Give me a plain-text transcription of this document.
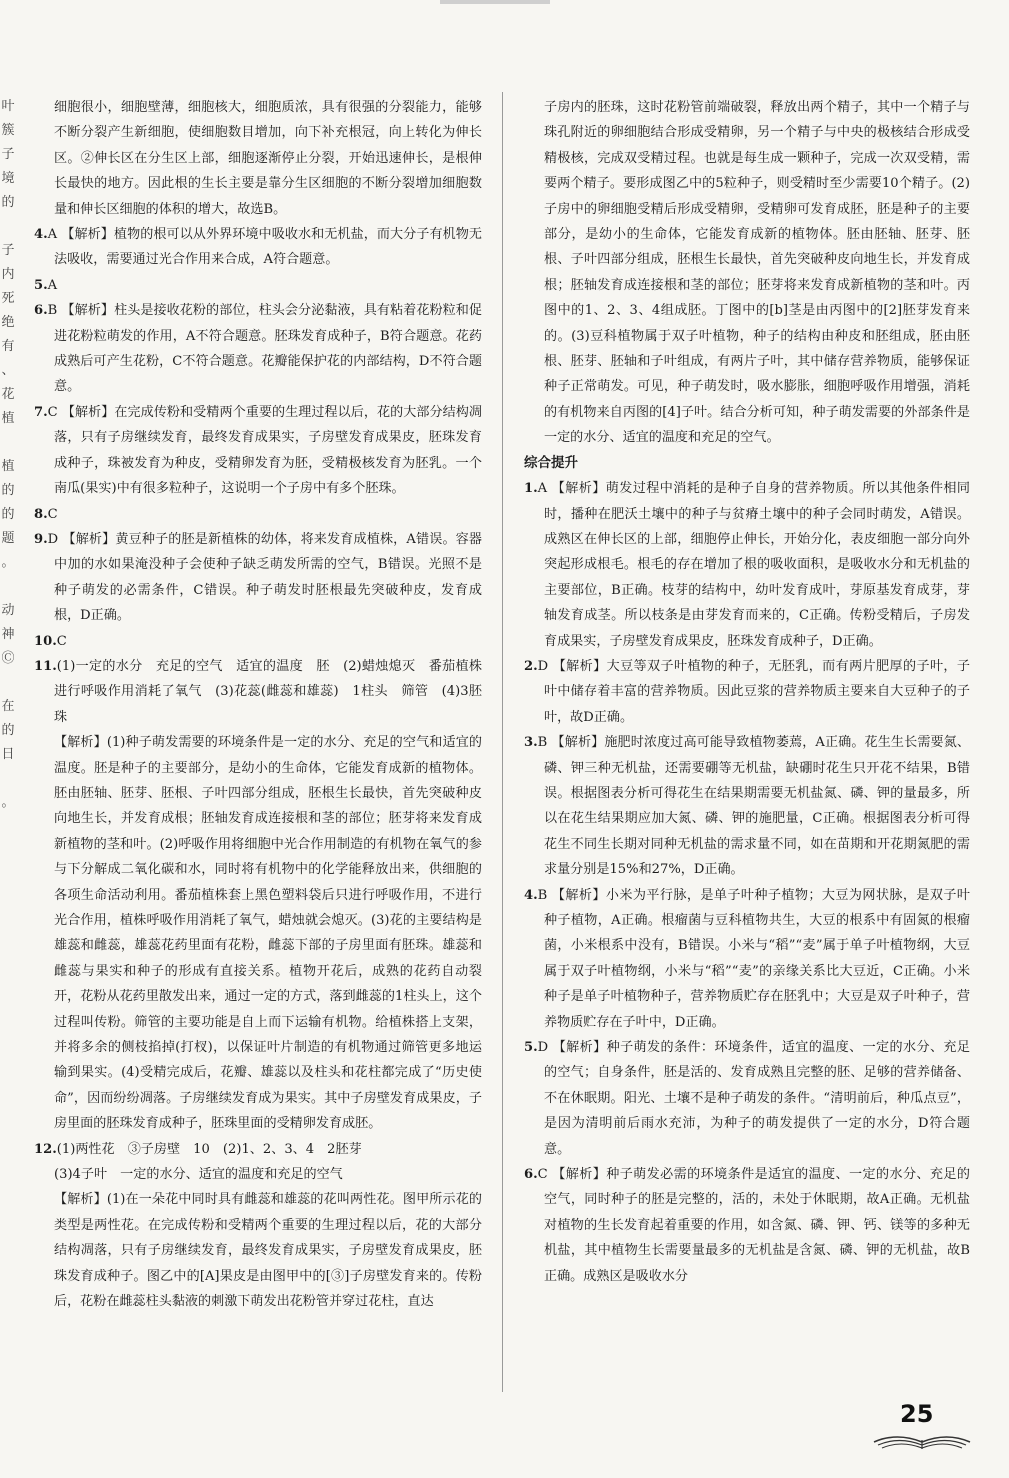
叶
簇
子
境
的

子
内
死
绝
有
、
花
植

植
的
的
题
。

动
神
Ⓒ

在
的
日

。

细胞很小，细胞壁薄，细胞核大，细胞质浓，具有很强的分裂能力，能够不断分裂产生新细胞，使细胞数目增加，向下补充根冠，向上转化为伸长区。②伸长区在分生区上部，细胞逐渐停止分裂，开始迅速伸长，是根伸长最快的地方。因此根的生长主要是靠分生区细胞的不断分裂增加细胞数量和伸长区细胞的体积的增大，故选B。

4.A 【解析】植物的根可以从外界环境中吸收水和无机盐，而大分子有机物无法吸收，需要通过光合作用来合成，A符合题意。

5.A

6.B 【解析】柱头是接收花粉的部位，柱头会分泌黏液，具有粘着花粉粒和促进花粉粒萌发的作用，A不符合题意。胚珠发育成种子，B符合题意。花药成熟后可产生花粉，C不符合题意。花瓣能保护花的内部结构，D不符合题意。

7.C 【解析】在完成传粉和受精两个重要的生理过程以后，花的大部分结构凋落，只有子房继续发育，最终发育成果实，子房壁发育成果皮，胚珠发育成种子，珠被发育为种皮，受精卵发育为胚，受精极核发育为胚乳。一个南瓜(果实)中有很多粒种子，这说明一个子房中有多个胚珠。

8.C

9.D 【解析】黄豆种子的胚是新植株的幼体，将来发育成植株，A错误。容器中加的水如果淹没种子会使种子缺乏萌发所需的空气，B错误。光照不是种子萌发的必需条件，C错误。种子萌发时胚根最先突破种皮，发育成根，D正确。

10.C

11.(1)一定的水分　充足的空气　适宜的温度　胚　(2)蜡烛熄灭　番茄植株进行呼吸作用消耗了氧气　(3)花蕊(雌蕊和雄蕊)　1柱头　筛管　(4)3胚珠

【解析】(1)种子萌发需要的环境条件是一定的水分、充足的空气和适宜的温度。胚是种子的主要部分，是幼小的生命体，它能发育成新的植物体。胚由胚轴、胚芽、胚根、子叶四部分组成，胚根生长最快，首先突破种皮向地生长，并发育成根；胚轴发育成连接根和茎的部位；胚芽将来发育成新植物的茎和叶。(2)呼吸作用将细胞中光合作用制造的有机物在氧气的参与下分解成二氧化碳和水，同时将有机物中的化学能释放出来，供细胞的各项生命活动利用。番茄植株套上黑色塑料袋后只进行呼吸作用，不进行光合作用，植株呼吸作用消耗了氧气，蜡烛就会熄灭。(3)花的主要结构是雄蕊和雌蕊，雄蕊花药里面有花粉，雌蕊下部的子房里面有胚珠。雄蕊和雌蕊与果实和种子的形成有直接关系。植物开花后，成熟的花药自动裂开，花粉从花药里散发出来，通过一定的方式，落到雌蕊的1柱头上，这个过程叫传粉。筛管的主要功能是自上而下运输有机物。给植株搭上支架，并将多余的侧枝掐掉(打杈)，以保证叶片制造的有机物通过筛管更多地运输到果实。(4)受精完成后，花瓣、雄蕊以及柱头和花柱都完成了“历史使命”，因而纷纷凋落。子房继续发育成为果实。其中子房壁发育成果皮，子房里面的胚珠发育成种子，胚珠里面的受精卵发育成胚。

12.(1)两性花　③子房壁　10　(2)1、2、3、4　2胚芽

(3)4子叶　一定的水分、适宜的温度和充足的空气

【解析】(1)在一朵花中同时具有雌蕊和雄蕊的花叫两性花。图甲所示花的类型是两性花。在完成传粉和受精两个重要的生理过程以后，花的大部分结构凋落，只有子房继续发育，最终发育成果实，子房壁发育成果皮，胚珠发育成种子。图乙中的[A]果皮是由图甲中的[③]子房壁发育来的。传粉后，花粉在雌蕊柱头黏液的刺激下萌发出花粉管并穿过花柱，直达

子房内的胚珠，这时花粉管前端破裂，释放出两个精子，其中一个精子与珠孔附近的卵细胞结合形成受精卵，另一个精子与中央的极核结合形成受精极核，完成双受精过程。也就是每生成一颗种子，完成一次双受精，需要两个精子。要形成图乙中的5粒种子，则受精时至少需要10个精子。(2)子房中的卵细胞受精后形成受精卵，受精卵可发育成胚，胚是种子的主要部分，是幼小的生命体，它能发育成新的植物体。胚由胚轴、胚芽、胚根、子叶四部分组成，胚根生长最快，首先突破种皮向地生长，并发育成根；胚轴发育成连接根和茎的部位；胚芽将来发育成新植物的茎和叶。丙图中的1、2、3、4组成胚。丁图中的[b]茎是由丙图中的[2]胚芽发育来的。(3)豆科植物属于双子叶植物，种子的结构由种皮和胚组成，胚由胚根、胚芽、胚轴和子叶组成，有两片子叶，其中储存营养物质，能够保证种子正常萌发。可见，种子萌发时，吸水膨胀，细胞呼吸作用增强，消耗的有机物来自丙图的[4]子叶。结合分析可知，种子萌发需要的外部条件是一定的水分、适宜的温度和充足的空气。

综合提升

1.A 【解析】萌发过程中消耗的是种子自身的营养物质。所以其他条件相同时，播种在肥沃土壤中的种子与贫瘠土壤中的种子会同时萌发，A错误。成熟区在伸长区的上部，细胞停止伸长，开始分化，表皮细胞一部分向外突起形成根毛。根毛的存在增加了根的吸收面积，是吸收水分和无机盐的主要部位，B正确。枝芽的结构中，幼叶发育成叶，芽原基发育成芽，芽轴发育成茎。所以枝条是由芽发育而来的，C正确。传粉受精后，子房发育成果实，子房壁发育成果皮，胚珠发育成种子，D正确。

2.D 【解析】大豆等双子叶植物的种子，无胚乳，而有两片肥厚的子叶，子叶中储存着丰富的营养物质。因此豆浆的营养物质主要来自大豆种子的子叶，故D正确。

3.B 【解析】施肥时浓度过高可能导致植物萎蔫，A正确。花生生长需要氮、磷、钾三种无机盐，还需要硼等无机盐，缺硼时花生只开花不结果，B错误。根据图表分析可得花生在结果期需要无机盐氮、磷、钾的量最多，所以在花生结果期应加大氮、磷、钾的施肥量，C正确。根据图表分析可得花生不同生长期对同种无机盐的需求量不同，如在苗期和开花期氮肥的需求量分别是15%和27%，D正确。

4.B 【解析】小米为平行脉，是单子叶种子植物；大豆为网状脉，是双子叶种子植物，A正确。根瘤菌与豆科植物共生，大豆的根系中有固氮的根瘤菌，小米根系中没有，B错误。小米与“稻”“麦”属于单子叶植物纲，大豆属于双子叶植物纲，小米与“稻”“麦”的亲缘关系比大豆近，C正确。小米种子是单子叶植物种子，营养物质贮存在胚乳中；大豆是双子叶种子，营养物质贮存在子叶中，D正确。

5.D 【解析】种子萌发的条件：环境条件，适宜的温度、一定的水分、充足的空气；自身条件，胚是活的、发育成熟且完整的胚、足够的营养储备、不在休眠期。阳光、土壤不是种子萌发的条件。“清明前后，种瓜点豆”，是因为清明前后雨水充沛，为种子的萌发提供了一定的水分，D符合题意。

6.C 【解析】种子萌发必需的环境条件是适宜的温度、一定的水分、充足的空气，同时种子的胚是完整的，活的，未处于休眠期，故A正确。无机盐对植物的生长发育起着重要的作用，如含氮、磷、钾、钙、镁等的多种无机盐，其中植物生长需要量最多的无机盐是含氮、磷、钾的无机盐，故B正确。成熟区是吸收水分

25
